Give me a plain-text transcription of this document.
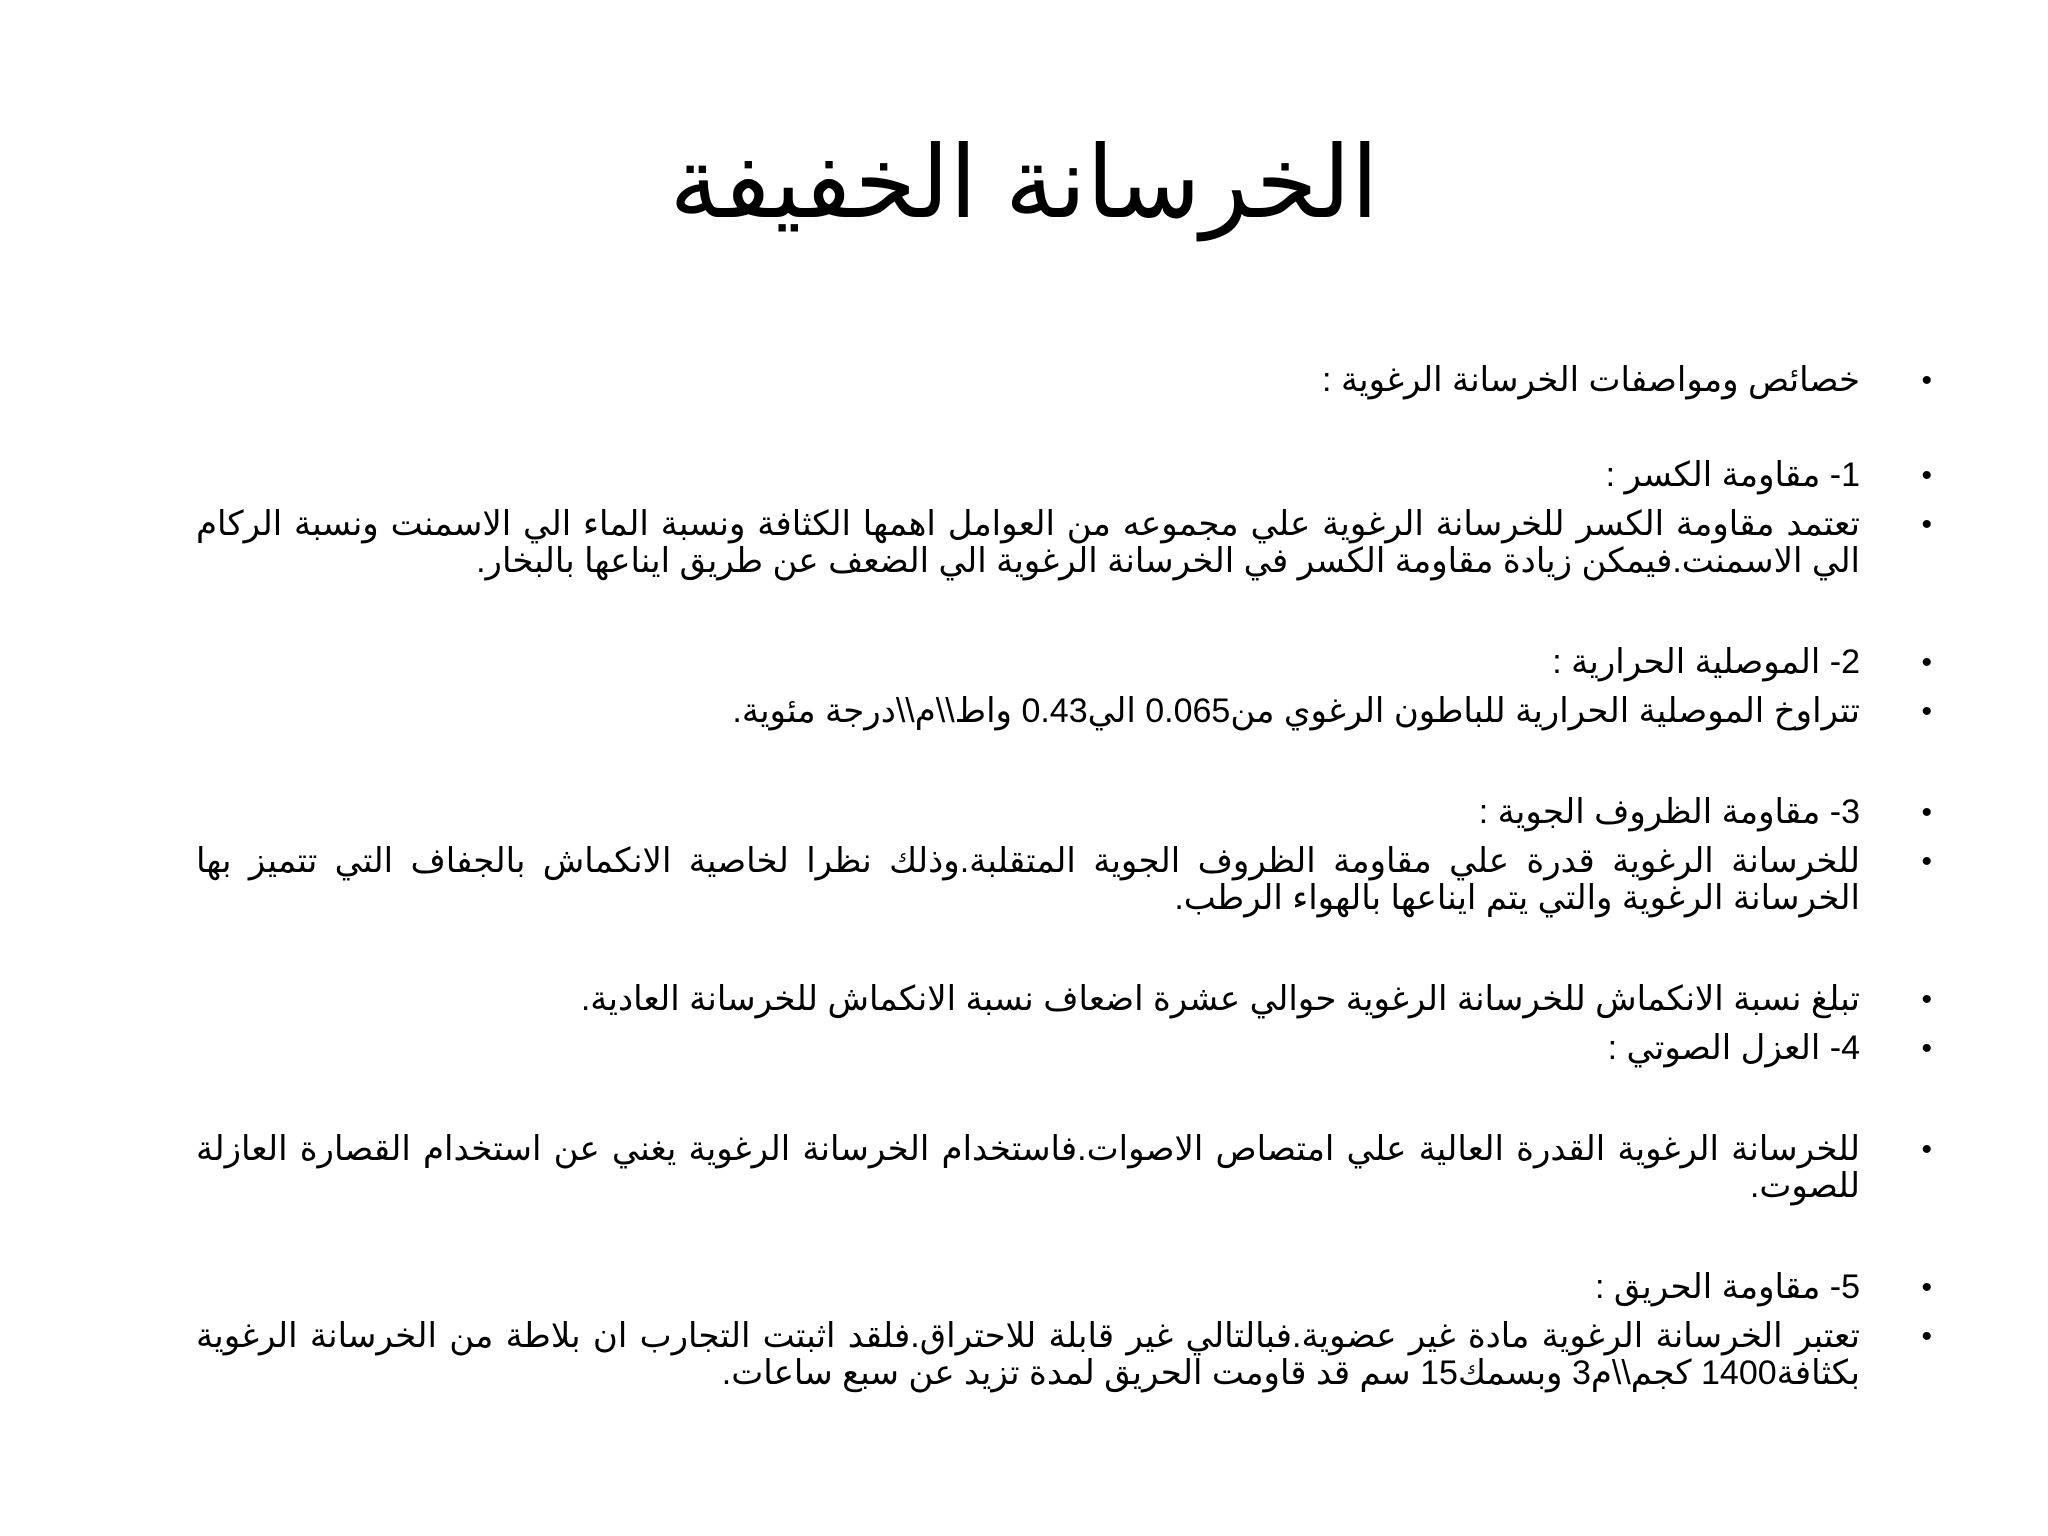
الخرسانة الخفيفة
• خصائص ومواصفات الخرسانة الرغوية :
• 1- مقاومة الكسر :
• تعتمد مقاومة الكسر للخرسانة الرغوية علي مجموعه من العوامل اهمها الكثافة ونسبة الماء الي الاسمنت ونسبة الركام الي الاسمنت.فيمكن زيادة مقاومة الكسر في الخرسانة الرغوية الي الضعف عن طريق ايناعها بالبخار.
• 2- الموصلية الحرارية :
• تتراوخ الموصلية الحرارية للباطون الرغوي من0.065 الي0.43 واط\\م\\درجة مئوية.
• 3- مقاومة الظروف الجوية :
• للخرسانة الرغوية قدرة علي مقاومة الظروف الجوية المتقلبة.وذلك نظرا لخاصية الانكماش بالجفاف التي تتميز بها الخرسانة الرغوية والتي يتم ايناعها بالهواء الرطب.
• تبلغ نسبة الانكماش للخرسانة الرغوية حوالي عشرة اضعاف نسبة الانكماش للخرسانة العادية.
• 4- العزل الصوتي :
• للخرسانة الرغوية القدرة العالية علي امتصاص الاصوات.فاستخدام الخرسانة الرغوية يغني عن استخدام القصارة العازلة للصوت.
• 5- مقاومة الحريق :
• تعتبر الخرسانة الرغوية مادة غير عضوية.فبالتالي غير قابلة للاحتراق.فلقد اثبتت التجارب ان بلاطة من الخرسانة الرغوية بكثافة1400 كجم\\م3 وبسمك15 سم قد قاومت الحريق لمدة تزيد عن سبع ساعات.
